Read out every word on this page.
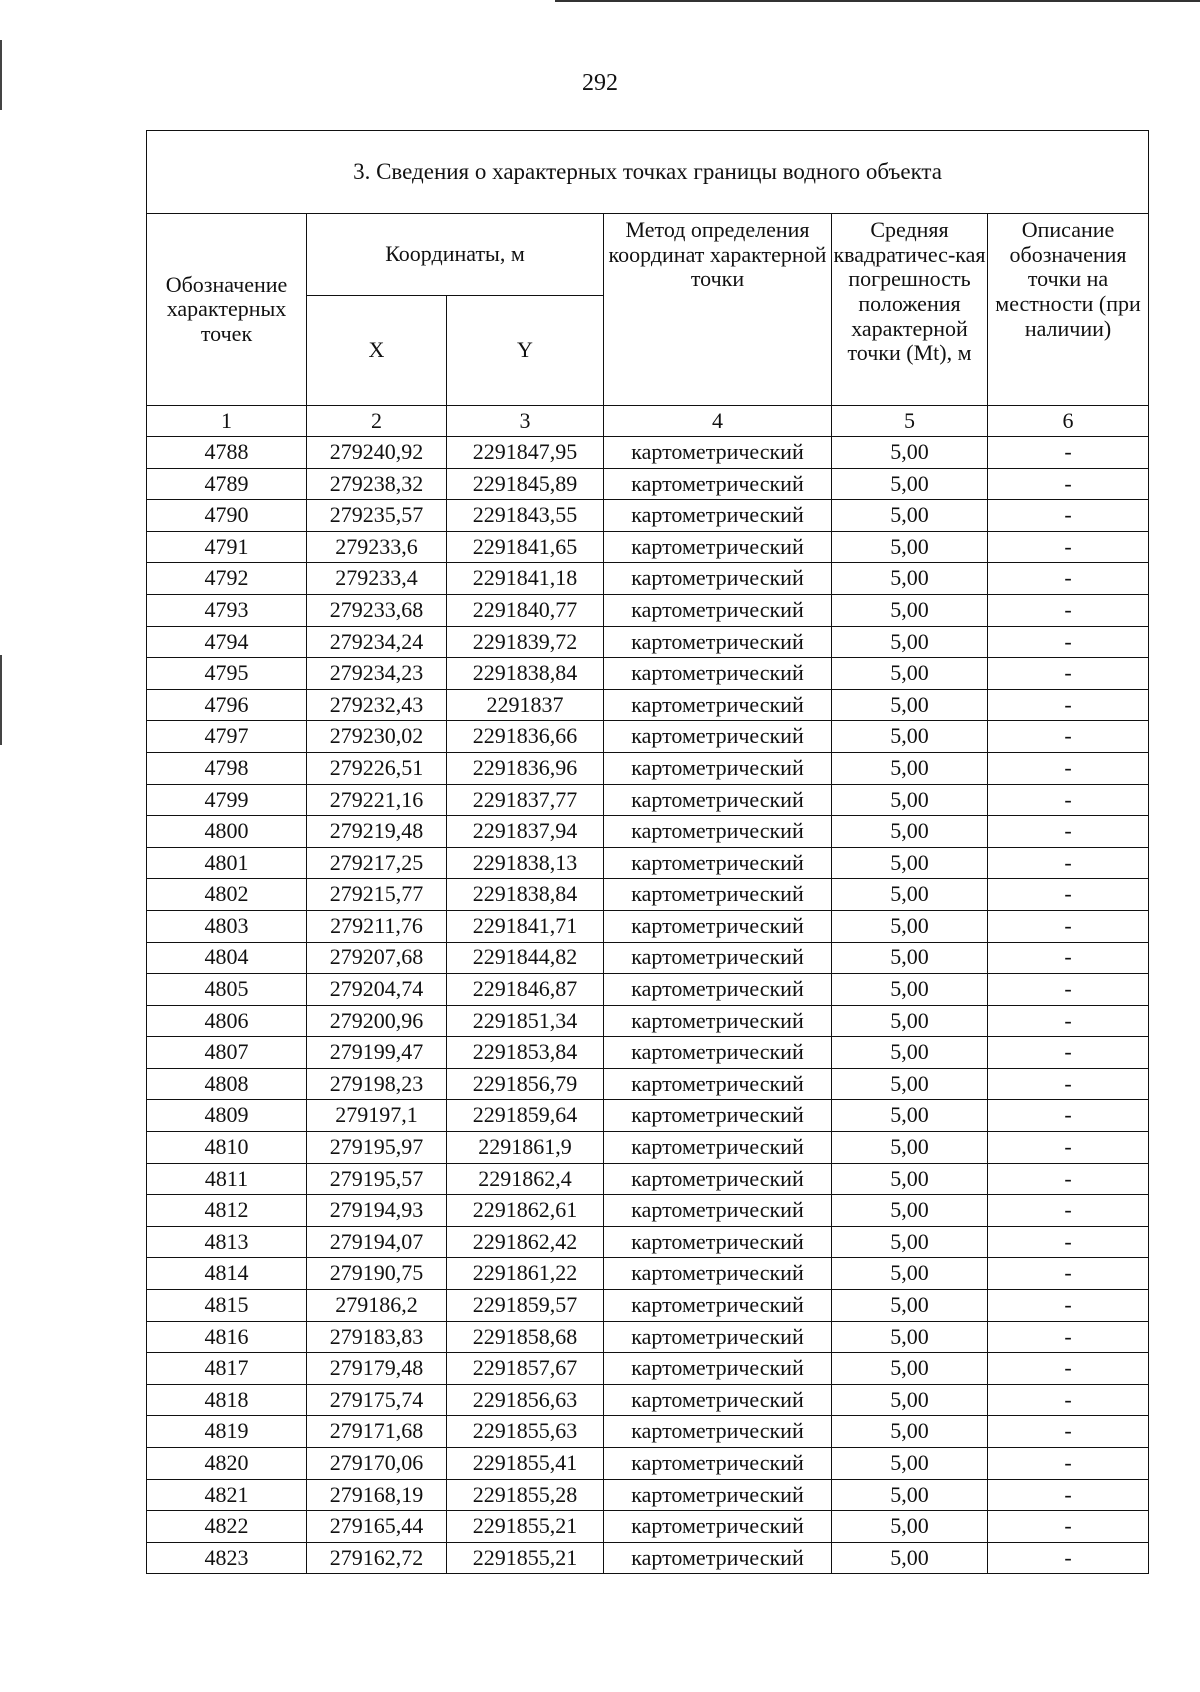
292
3. Сведения о характерных точках границы водного объекта					
Обозначение характерных точек	Координаты, м		Метод определения координат характерной точки	Средняя квадратичес-кая погрешность положения характерной точки (Mt), м	Описание обозначения точки на местности (при наличии)
	X	Y			
1	2	3	4	5	6
4788	279240,92	2291847,95	картометрический	5,00	-
4789	279238,32	2291845,89	картометрический	5,00	-
4790	279235,57	2291843,55	картометрический	5,00	-
4791	279233,6	2291841,65	картометрический	5,00	-
4792	279233,4	2291841,18	картометрический	5,00	-
4793	279233,68	2291840,77	картометрический	5,00	-
4794	279234,24	2291839,72	картометрический	5,00	-
4795	279234,23	2291838,84	картометрический	5,00	-
4796	279232,43	2291837	картометрический	5,00	-
4797	279230,02	2291836,66	картометрический	5,00	-
4798	279226,51	2291836,96	картометрический	5,00	-
4799	279221,16	2291837,77	картометрический	5,00	-
4800	279219,48	2291837,94	картометрический	5,00	-
4801	279217,25	2291838,13	картометрический	5,00	-
4802	279215,77	2291838,84	картометрический	5,00	-
4803	279211,76	2291841,71	картометрический	5,00	-
4804	279207,68	2291844,82	картометрический	5,00	-
4805	279204,74	2291846,87	картометрический	5,00	-
4806	279200,96	2291851,34	картометрический	5,00	-
4807	279199,47	2291853,84	картометрический	5,00	-
4808	279198,23	2291856,79	картометрический	5,00	-
4809	279197,1	2291859,64	картометрический	5,00	-
4810	279195,97	2291861,9	картометрический	5,00	-
4811	279195,57	2291862,4	картометрический	5,00	-
4812	279194,93	2291862,61	картометрический	5,00	-
4813	279194,07	2291862,42	картометрический	5,00	-
4814	279190,75	2291861,22	картометрический	5,00	-
4815	279186,2	2291859,57	картометрический	5,00	-
4816	279183,83	2291858,68	картометрический	5,00	-
4817	279179,48	2291857,67	картометрический	5,00	-
4818	279175,74	2291856,63	картометрический	5,00	-
4819	279171,68	2291855,63	картометрический	5,00	-
4820	279170,06	2291855,41	картометрический	5,00	-
4821	279168,19	2291855,28	картометрический	5,00	-
4822	279165,44	2291855,21	картометрический	5,00	-
4823	279162,72	2291855,21	картометрический	5,00	-
